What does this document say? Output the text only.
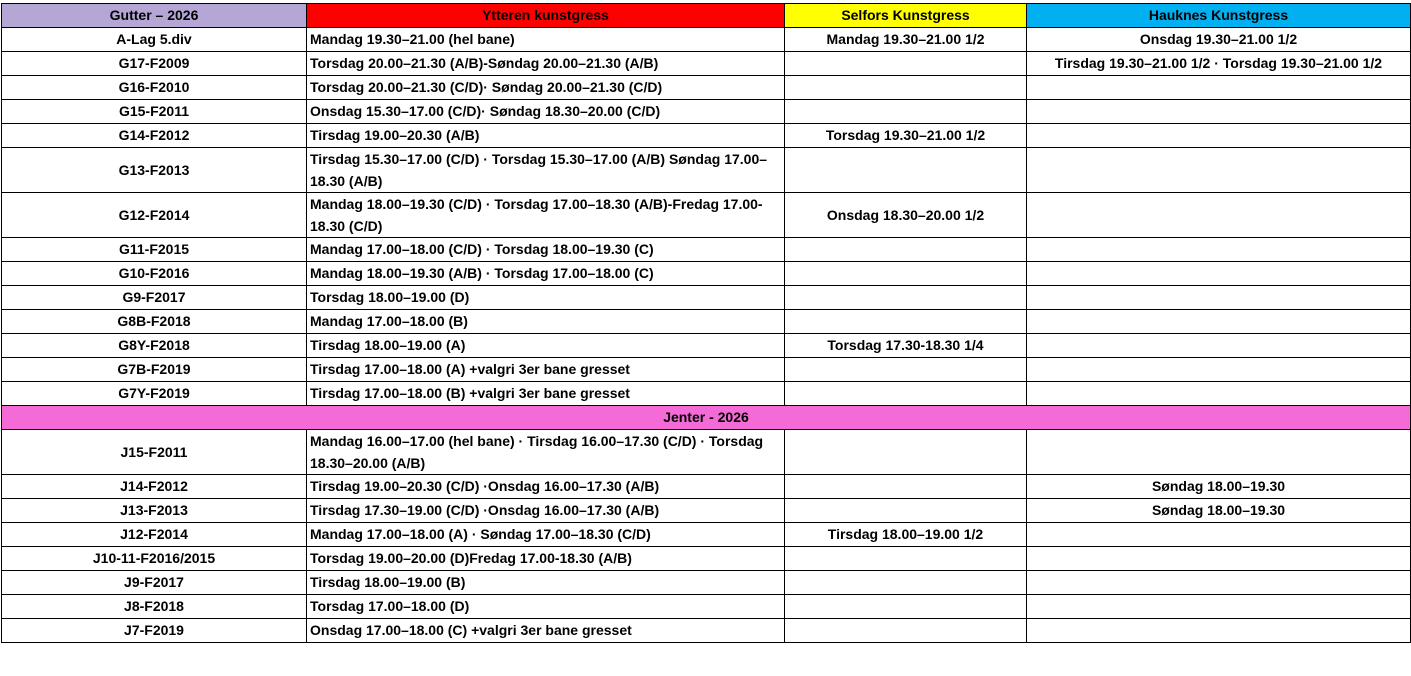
Gutter – 2026	Ytteren kunstgress	Selfors Kunstgress	Hauknes Kunstgress
A-Lag 5.div	Mandag 19.30–21.00 (hel bane)	Mandag 19.30–21.00 1/2	Onsdag 19.30–21.00 1/2
G17-F2009	Torsdag 20.00–21.30 (A/B)-Søndag 20.00–21.30 (A/B)		Tirsdag 19.30–21.00 1/2 · Torsdag 19.30–21.00 1/2
G16-F2010	Torsdag 20.00–21.30 (C/D)· Søndag 20.00–21.30 (C/D)		
G15-F2011	Onsdag 15.30–17.00 (C/D)· Søndag 18.30–20.00 (C/D)		
G14-F2012	Tirsdag 19.00–20.30 (A/B)	Torsdag 19.30–21.00 1/2	
G13-F2013	Tirsdag 15.30–17.00 (C/D) · Torsdag 15.30–17.00 (A/B) Søndag 17.00–18.30 (A/B)		
G12-F2014	Mandag 18.00–19.30 (C/D) · Torsdag 17.00–18.30 (A/B)-Fredag 17.00-18.30 (C/D)	Onsdag 18.30–20.00 1/2	
G11-F2015	Mandag 17.00–18.00 (C/D) · Torsdag 18.00–19.30 (C)		
G10-F2016	Mandag 18.00–19.30 (A/B) · Torsdag 17.00–18.00 (C)		
G9-F2017	Torsdag 18.00–19.00 (D)		
G8B-F2018	Mandag 17.00–18.00 (B)		
G8Y-F2018	Tirsdag 18.00–19.00 (A)	Torsdag 17.30-18.30 1/4	
G7B-F2019	Tirsdag 17.00–18.00 (A) +valgri 3er bane gresset		
G7Y-F2019	Tirsdag 17.00–18.00 (B) +valgri 3er bane gresset		
Jenter - 2026			
J15-F2011	Mandag 16.00–17.00 (hel bane) · Tirsdag 16.00–17.30 (C/D) · Torsdag 18.30–20.00 (A/B)		
J14-F2012	Tirsdag 19.00–20.30 (C/D) ·Onsdag 16.00–17.30 (A/B)		Søndag 18.00–19.30
J13-F2013	Tirsdag 17.30–19.00 (C/D) ·Onsdag 16.00–17.30 (A/B)		Søndag 18.00–19.30
J12-F2014	Mandag 17.00–18.00 (A) · Søndag 17.00–18.30 (C/D)	Tirsdag 18.00–19.00 1/2	
J10-11-F2016/2015	Torsdag 19.00–20.00 (D)Fredag 17.00-18.30 (A/B)		
J9-F2017	Tirsdag 18.00–19.00 (B)		
J8-F2018	Torsdag 17.00–18.00 (D)		
J7-F2019	Onsdag 17.00–18.00 (C) +valgri 3er bane gresset		
